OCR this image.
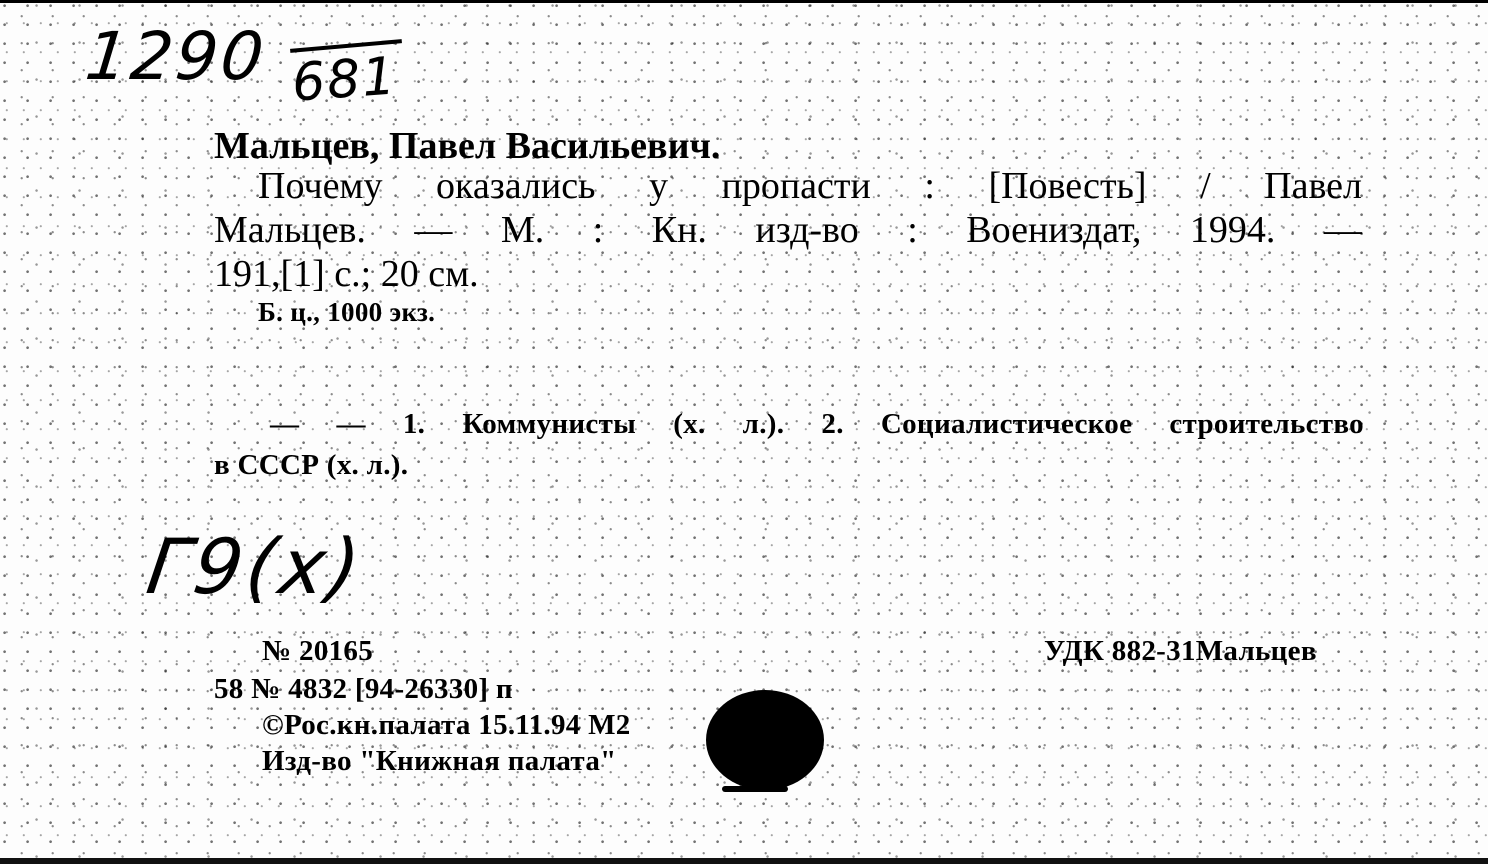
1290 681
Мальцев, Павел Васильевич.
Почему оказались у пропасти : [Повесть] / Павел
Мальцев. — М. : Кн. изд-во : Воениздат, 1994. —
191,[1] с.; 20 см.
Б. ц., 1000 экз.
— — 1. Коммунисты (х. л.). 2. Социалистическое строительство
в СССР (х. л.).
Г9(х)
№ 20165
58 № 4832 [94-26330] п
©Рос.кн.палата 15.11.94 М2
Изд-во "Книжная палата"
УДК 882-31Мальцев
